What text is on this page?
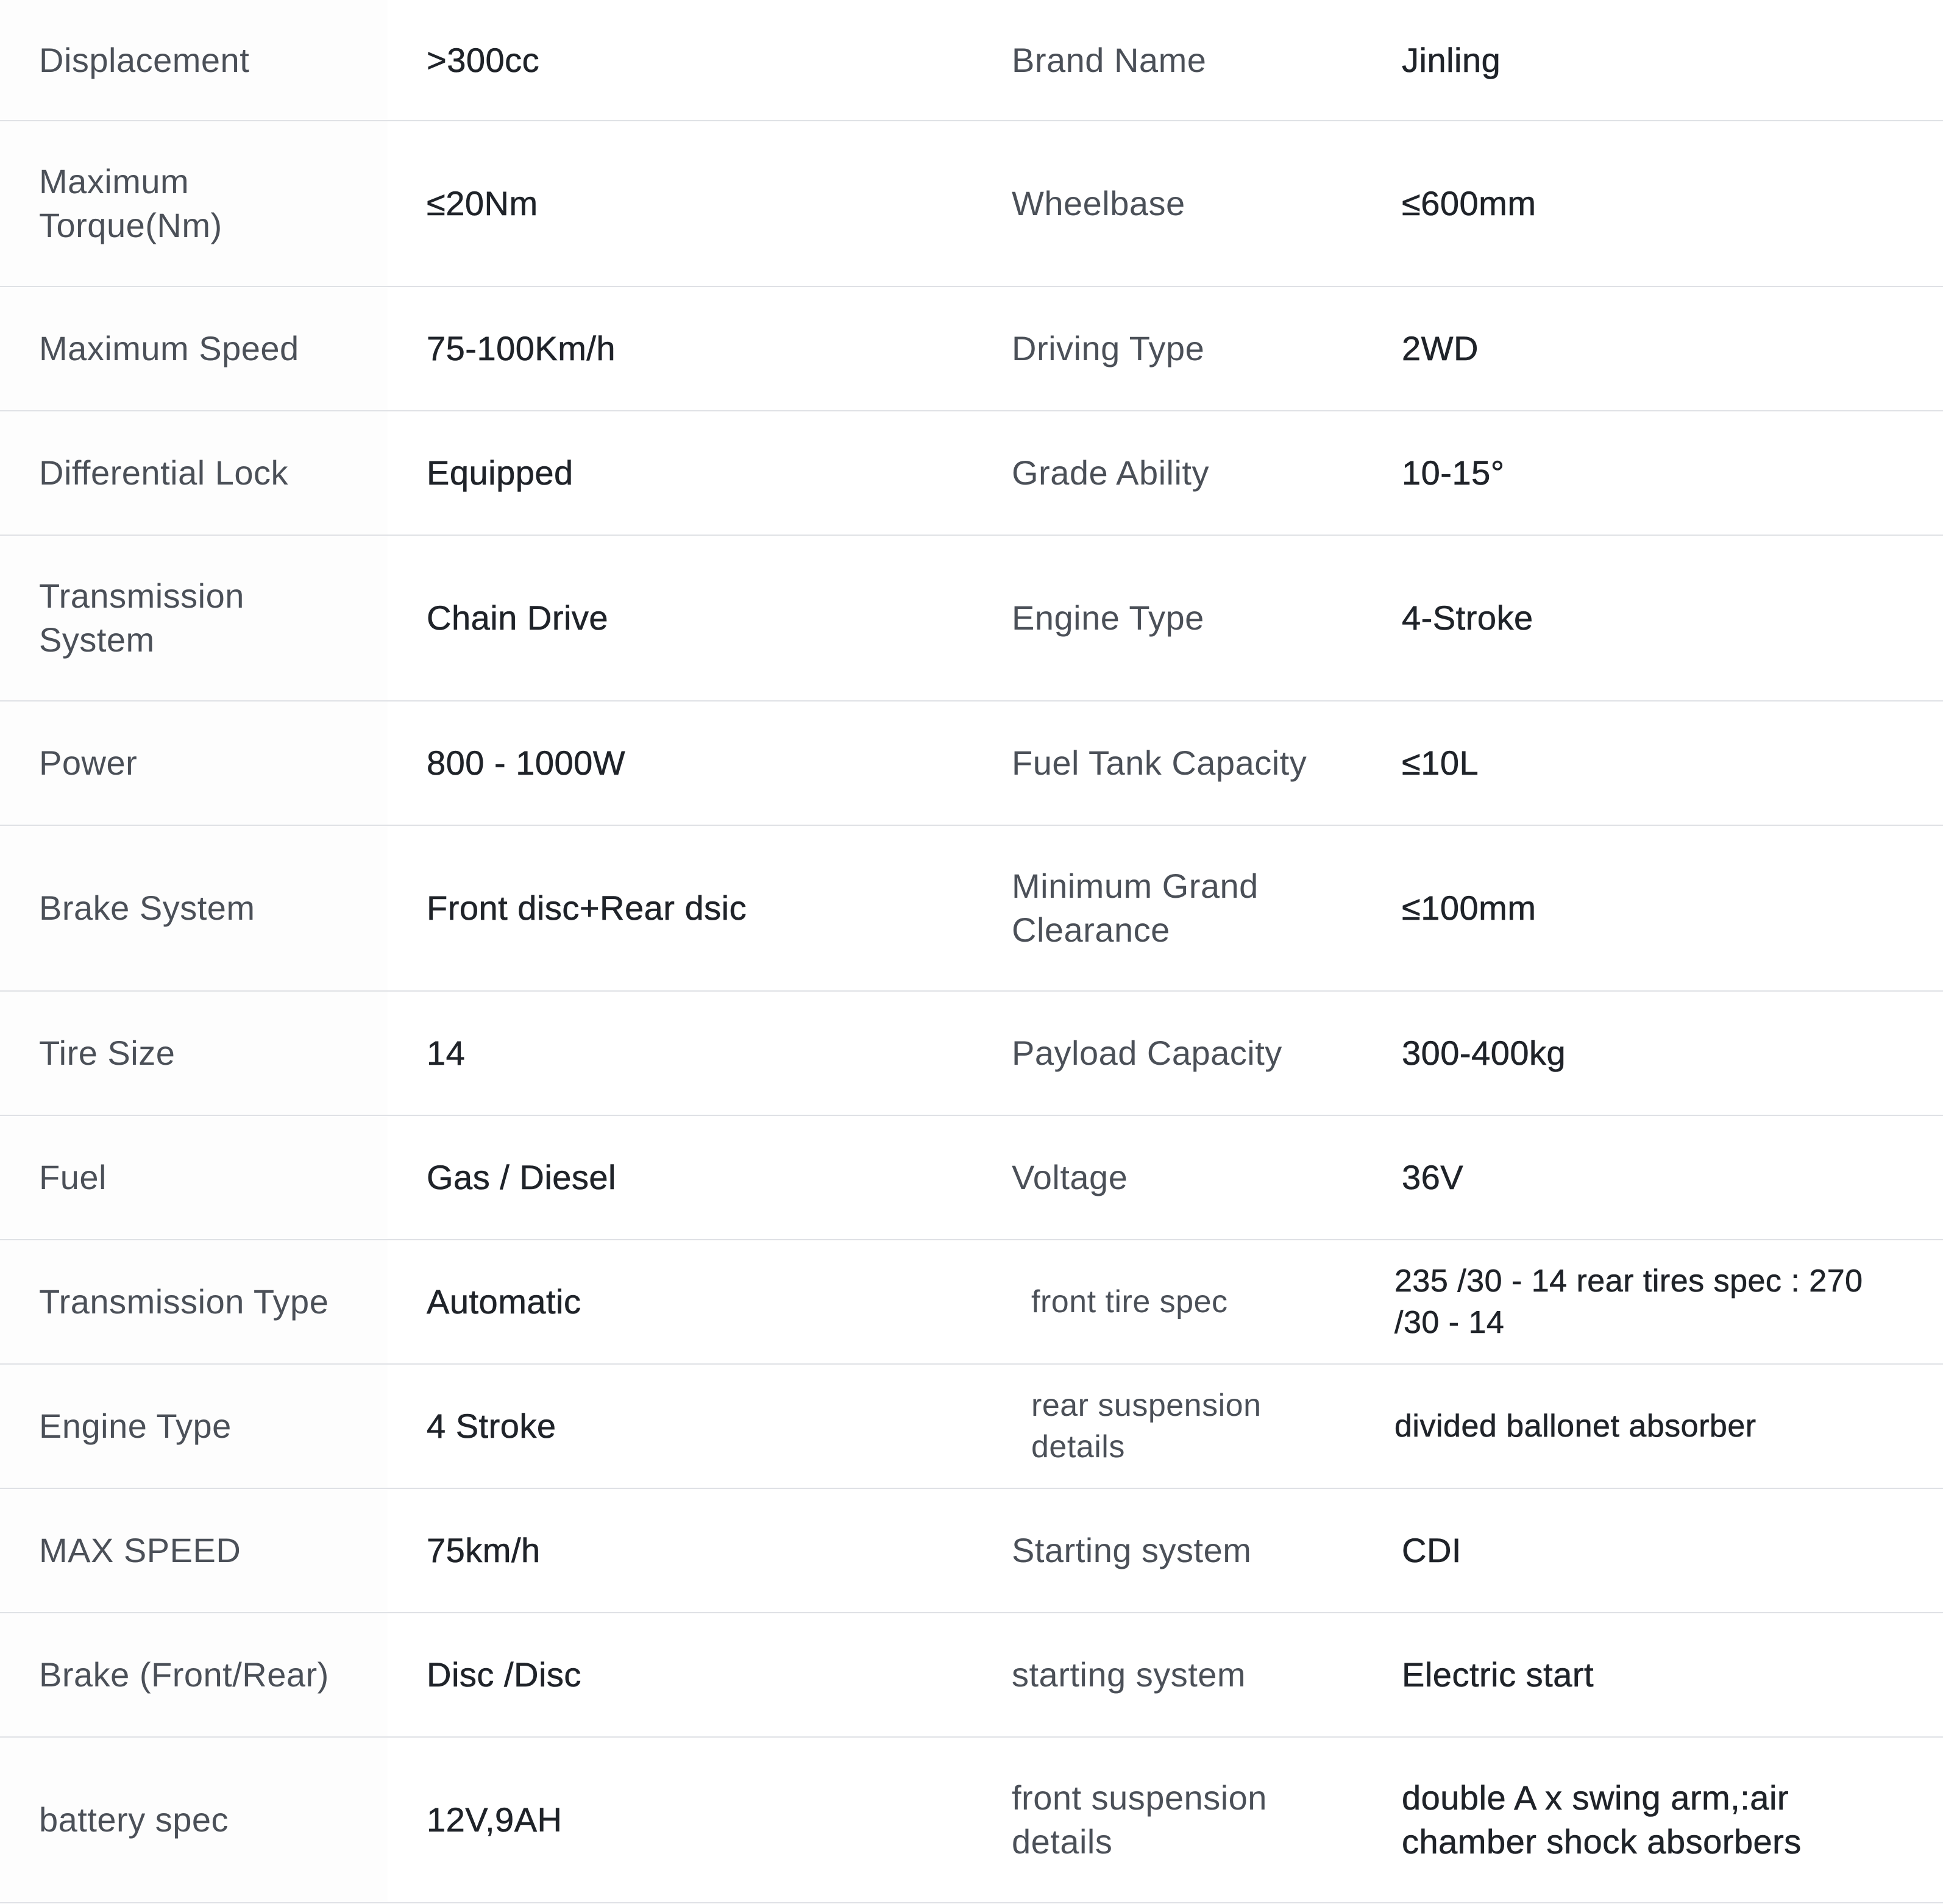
Displacement	>300cc	Brand Name	Jinling
Maximum Torque(Nm)	≤20Nm	Wheelbase	≤600mm
Maximum Speed	75-100Km/h	Driving Type	2WD
Differential Lock	Equipped	Grade Ability	10-15°
Transmission System	Chain Drive	Engine Type	4-Stroke
Power	800 - 1000W	Fuel Tank Capacity	≤10L
Brake System	Front disc+Rear dsic	Minimum Grand Clearance	≤100mm
Tire Size	14	Payload Capacity	300-400kg
Fuel	Gas / Diesel	Voltage	36V
Transmission Type	Automatic	front tire spec	235 /30 - 14 rear tires spec : 270 /30 - 14
Engine Type	4 Stroke	rear suspension details	divided ballonet absorber
MAX SPEED	75km/h	Starting system	CDI
Brake (Front/Rear)	Disc /Disc	starting system	Electric start
battery spec	12V,9AH	front suspension details	double A x swing arm,:air chamber shock absorbers
